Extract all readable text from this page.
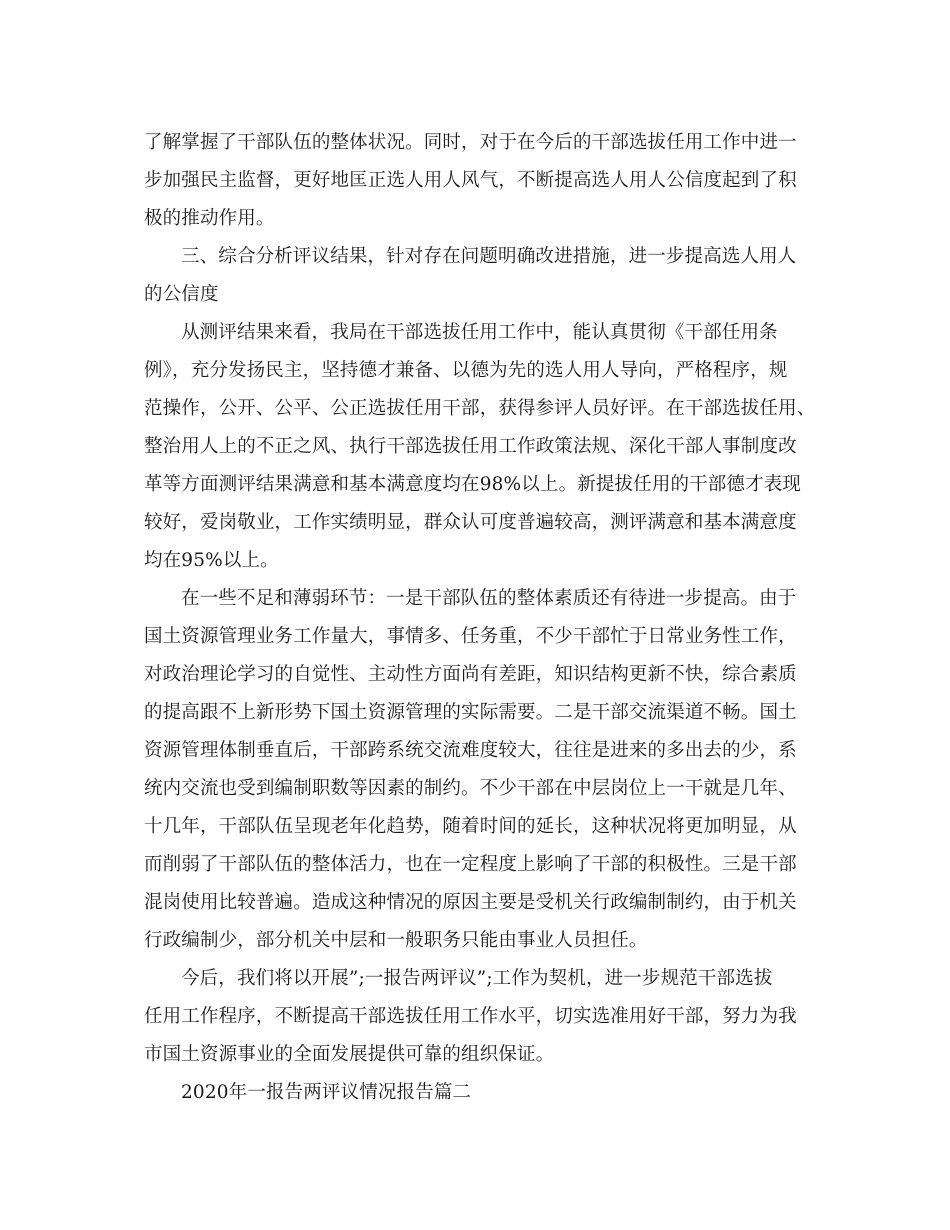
了解掌握了干部队伍的整体状况。同时，对于在今后的干部选拔任用工作中进一
步加强民主监督，更好地匡正选人用人风气，不断提高选人用人公信度起到了积
极的推动作用。
三、综合分析评议结果，针对存在问题明确改进措施，进一步提高选人用人
的公信度
从测评结果来看，我局在干部选拔任用工作中，能认真贯彻《干部任用条
例》，充分发扬民主，坚持德才兼备、以德为先的选人用人导向，严格程序，规
范操作，公开、公平、公正选拔任用干部，获得参评人员好评。在干部选拔任用、
整治用人上的不正之风、执行干部选拔任用工作政策法规、深化干部人事制度改
革等方面测评结果满意和基本满意度均在98%以上。新提拔任用的干部德才表现
较好，爱岗敬业，工作实绩明显，群众认可度普遍较高，测评满意和基本满意度
均在95%以上。
在一些不足和薄弱环节：一是干部队伍的整体素质还有待进一步提高。由于
国土资源管理业务工作量大，事情多、任务重，不少干部忙于日常业务性工作，
对政治理论学习的自觉性、主动性方面尚有差距，知识结构更新不快，综合素质
的提高跟不上新形势下国土资源管理的实际需要。二是干部交流渠道不畅。国土
资源管理体制垂直后，干部跨系统交流难度较大，往往是进来的多出去的少，系
统内交流也受到编制职数等因素的制约。不少干部在中层岗位上一干就是几年、
十几年，干部队伍呈现老年化趋势，随着时间的延长，这种状况将更加明显，从
而削弱了干部队伍的整体活力，也在一定程度上影响了干部的积极性。三是干部
混岗使用比较普遍。造成这种情况的原因主要是受机关行政编制制约，由于机关
行政编制少，部分机关中层和一般职务只能由事业人员担任。
今后，我们将以开展”;一报告两评议”;工作为契机，进一步规范干部选拔
任用工作程序，不断提高干部选拔任用工作水平，切实选准用好干部，努力为我
市国土资源事业的全面发展提供可靠的组织保证。
2020年一报告两评议情况报告篇二
